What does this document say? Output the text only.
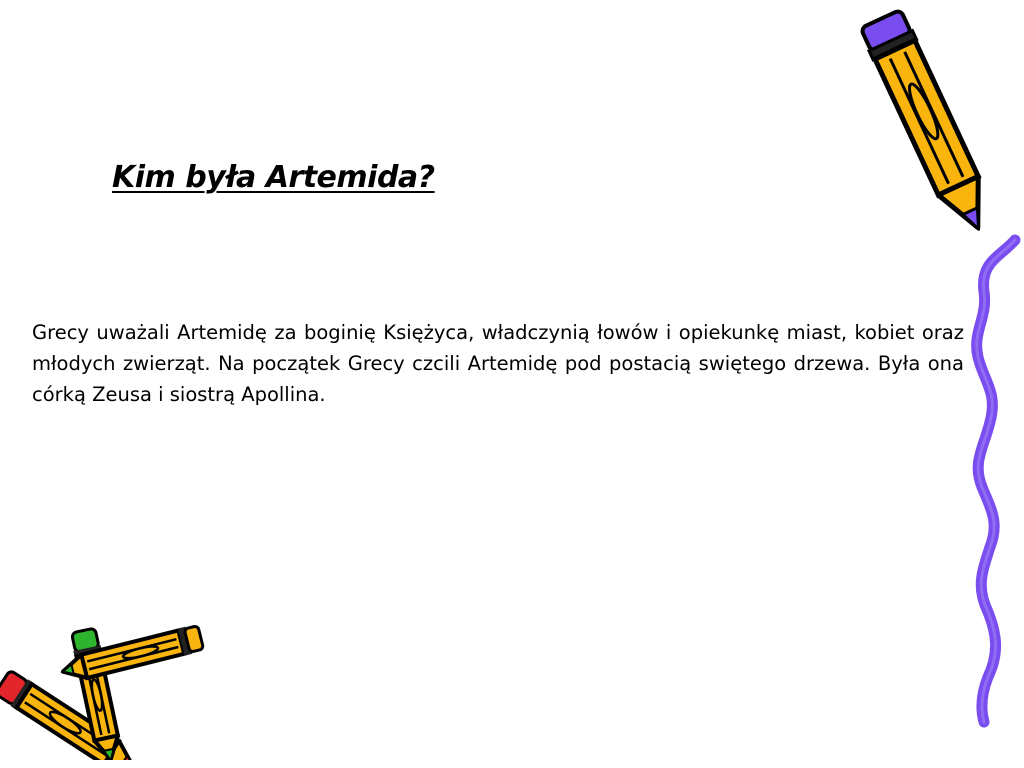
Kim była Artemida?

Grecy uważali Artemidę za boginię Księżyca, władczynią łowów i opiekunkę miast, kobiet oraz młodych zwierząt. Na początek Grecy czcili Artemidę pod postacią swiętego drzewa. Była ona córką Zeusa i siostrą Apollina.
